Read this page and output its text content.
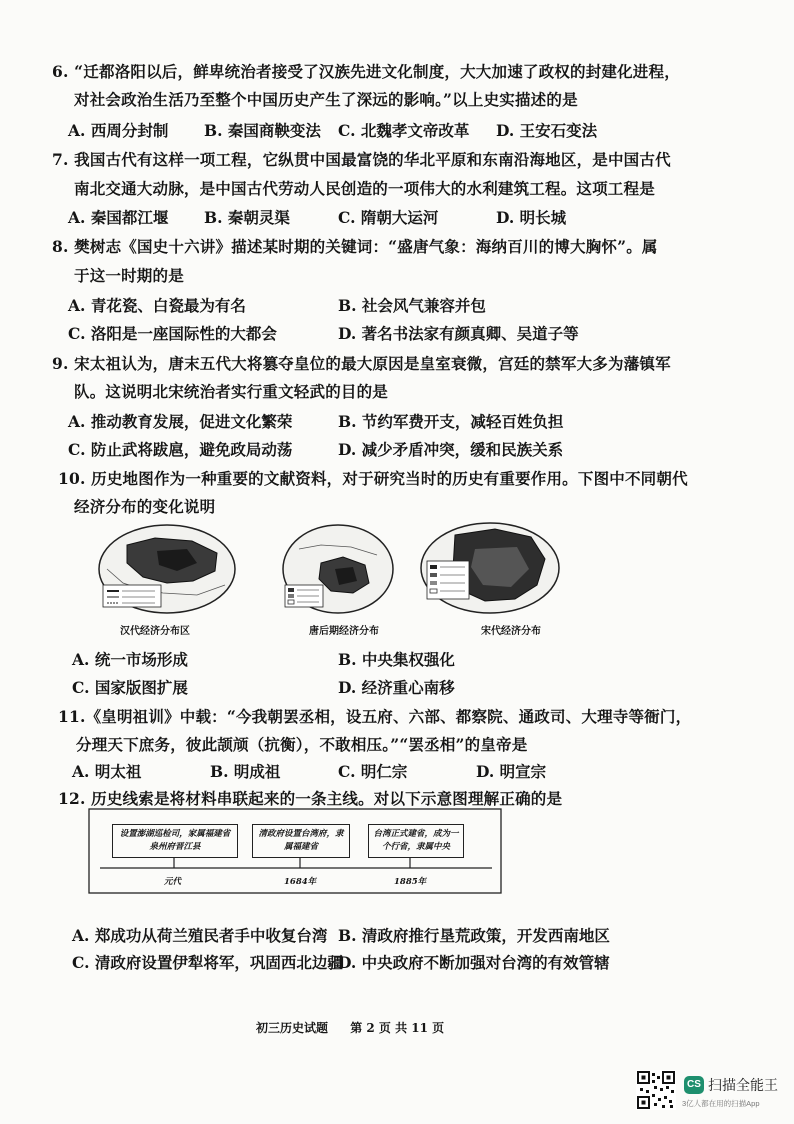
6. “迁都洛阳以后，鲜卑统治者接受了汉族先进文化制度，大大加速了政权的封建化进程，
对社会政治生活乃至整个中国历史产生了深远的影响。”以上史实描述的是
A. 西周分封制 B. 秦国商鞅变法 C. 北魏孝文帝改革 D. 王安石变法
7. 我国古代有这样一项工程，它纵贯中国最富饶的华北平原和东南沿海地区，是中国古代
南北交通大动脉，是中国古代劳动人民创造的一项伟大的水利建筑工程。这项工程是
A. 秦国都江堰 B. 秦朝灵渠	C. 隋朝大运河	D. 明长城
8. 樊树志《国史十六讲》描述某时期的关键词：“盛唐气象：海纳百川的博大胸怀”。属
于这一时期的是
A. 青花瓷、白瓷最为有名	B. 社会风气兼容并包
C. 洛阳是一座国际性的大都会	D. 著名书法家有颜真卿、吴道子等
9. 宋太祖认为，唐末五代大将篡夺皇位的最大原因是皇室衰微，宫廷的禁军大多为藩镇军
队。这说明北宋统治者实行重文轻武的目的是
A. 推动教育发展，促进文化繁荣	B. 节约军费开支，减轻百姓负担
C. 防止武将跋扈，避免政局动荡	D. 减少矛盾冲突，缓和民族关系
10. 历史地图作为一种重要的文献资料，对于研究当时的历史有重要作用。下图中不同朝代
经济分布的变化说明
汉代经济分布区	唐后期经济分布	宋代经济分布
A. 统一市场形成	B. 中央集权强化
C. 国家版图扩展	D. 经济重心南移
11.《皇明祖训》中载：“今我朝罢丞相，设五府、六部、都察院、通政司、大理寺等衙门，
分理天下庶务，彼此颉颃（抗衡），不敢相压。”“罢丞相”的皇帝是
A. 明太祖	B. 明成祖	C. 明仁宗	D. 明宣宗
12. 历史线索是将材料串联起来的一条主线。对以下示意图理解正确的是
设置澎湖巡检司，家属福建省泉州府晋江县
清政府设置台湾府，隶属福建省
台湾正式建省，成为一个行省，隶属中央
元代	1684年	1885年
A. 郑成功从荷兰殖民者手中收复台湾 B. 清政府推行垦荒政策，开发西南地区
C. 清政府设置伊犁将军，巩固西北边疆
D. 中央政府不断加强对台湾的有效管辖
初三历史试题 第 2 页 共 11 页
CS 扫描全能王
3亿人都在用的扫描App
